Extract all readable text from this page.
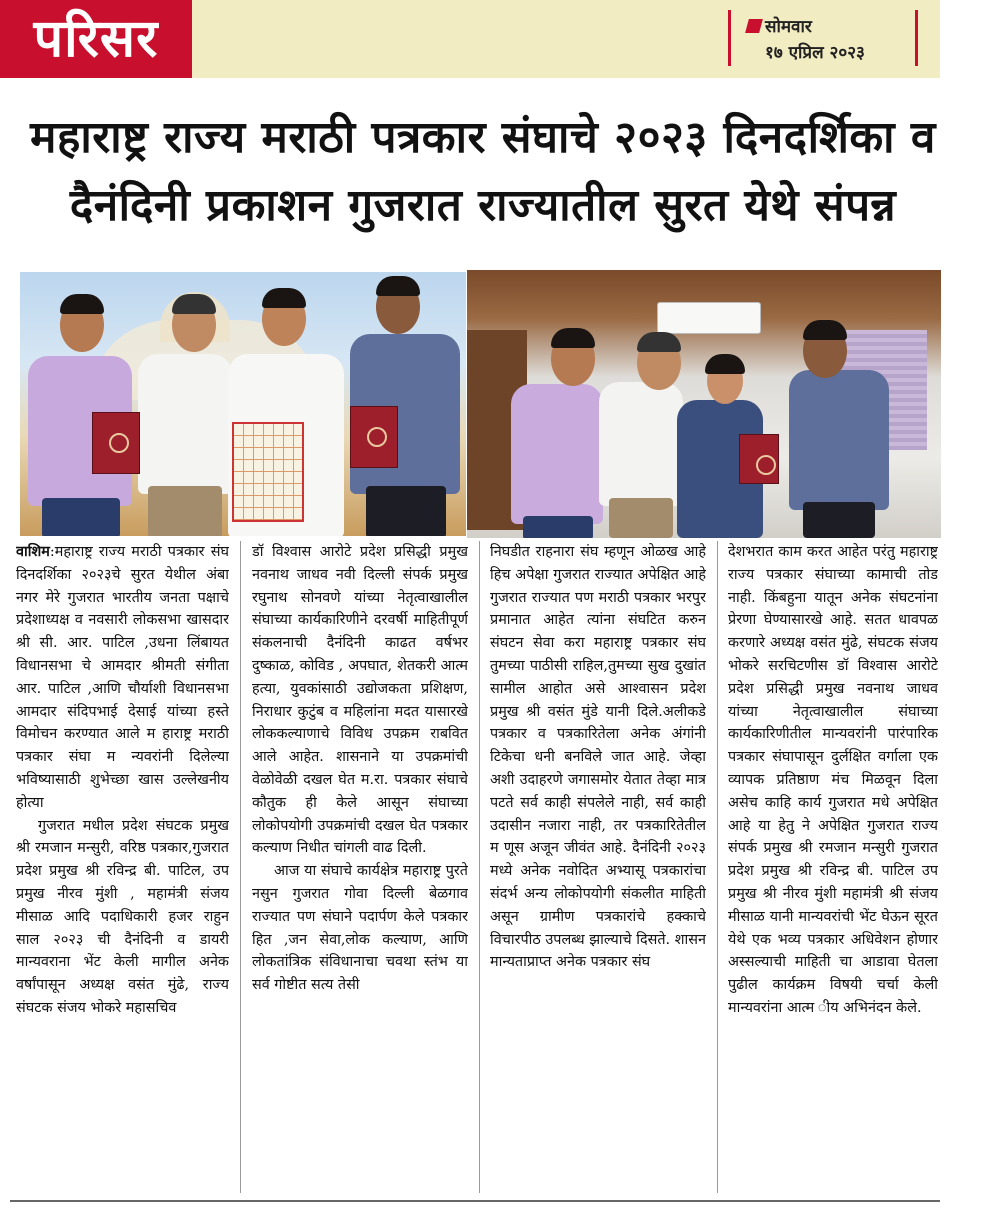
परिसर	सोमवार
१७ एप्रिल २०२३
महाराष्ट्र राज्य मराठी पत्रकार संघाचे २०२३ दिनदर्शिका व
दैनंदिनी प्रकाशन गुजरात राज्यातील सुरत येथे संपन्न

वाशिम:महाराष्ट्र राज्य मराठी पत्रकार संघ दिनदर्शिका २०२३चे सुरत येथील अंबा नगर मेरे गुजरात भारतीय जनता पक्षाचे प्रदेशाध्यक्ष व नवसारी लोकसभा खासदार श्री सी. आर. पाटिल ,उधना लिंबायत विधानसभा चे आमदार श्रीमती संगीता आर. पाटिल ,आणि चौर्याशी विधानसभा आमदार संदिपभाई देसाई यांच्या हस्ते विमोचन करण्यात आले म हाराष्ट्र मराठी पत्रकार संघा म न्यवरांनी दिलेल्या भविष्यासाठी शुभेच्छा खास उल्लेखनीय होत्या

गुजरात मधील प्रदेश संघटक प्रमुख श्री रमजान मन्सुरी, वरिष्ठ पत्रकार,गुजरात प्रदेश प्रमुख श्री रविन्द्र बी. पाटिल, उप प्रमुख नीरव मुंशी , महामंत्री संजय मीसाळ आदि पदाधिकारी हजर राहुन साल २०२३ ची दैनंदिनी व डायरी मान्यवराना भेंट केली मागील अनेक वर्षांपासून अध्यक्ष वसंत मुंढे, राज्य संघटक संजय भोकरे महासचिव

डॉ विश्वास आरोटे प्रदेश प्रसिद्धी प्रमुख नवनाथ जाधव नवी दिल्ली संपर्क प्रमुख रघुनाथ सोनवणे यांच्या नेतृत्वाखालील संघाच्या कार्यकारिणीने दरवर्षी माहितीपूर्ण संकलनाची दैनंदिनी काढत वर्षभर दुष्काळ, कोविड , अपघात, शेतकरी आत्म हत्या, युवकांसाठी उद्योजकता प्रशिक्षण, निराधार कुटुंब व महिलांना मदत यासारखे लोककल्याणाचे विविध उपक्रम राबवित आले आहेत. शासनाने या उपक्रमांची वेळोवेळी दखल घेत म.रा. पत्रकार संघाचे कौतुक ही केले आसून संघाच्या लोकोपयोगी उपक्रमांची दखल घेत पत्रकार कल्याण निधीत चांगली वाढ दिली.

आज या संघाचे कार्यक्षेत्र महाराष्ट्र पुरते नसुन गुजरात गोवा दिल्ली बेळगाव राज्यात पण संघाने पदार्पण केले पत्रकार हित ,जन सेवा,लोक कल्याण, आणि लोकतांत्रिक संविधानाचा चवथा स्तंभ या सर्व गोष्टीत सत्य तेसी

निघडीत राहनारा संघ म्हणून ओळख आहे हिच अपेक्षा गुजरात राज्यात अपेक्षित आहे गुजरात राज्यात पण मराठी पत्रकार भरपुर प्रमानात आहेत त्यांना संघटित करुन संघटन सेवा करा महाराष्ट्र पत्रकार संघ तुमच्या पाठीसी राहिल,तुमच्या सुख दुखांत सामील आहोत असे आश्वासन प्रदेश प्रमुख श्री वसंत मुंडे यानी दिले.अलीकडे पत्रकार व पत्रकारितेला अनेक अंगांनी टिकेचा धनी बनविले जात आहे. जेव्हा अशी उदाहरणे जगासमोर येतात तेव्हा मात्र पटते सर्व काही संपलेले नाही, सर्व काही उदासीन नजारा नाही, तर पत्रकारितेतील म णूस अजून जीवंत आहे. दैनंदिनी २०२३ मध्ये अनेक नवोदित अभ्यासू पत्रकारांचा संदर्भ अन्य लोकोपयोगी संकलीत माहिती असून ग्रामीण पत्रकारांचे हक्काचे विचारपीठ उपलब्ध झाल्याचे दिसते. शासन मान्यताप्राप्त अनेक पत्रकार संघ

देशभरात काम करत आहेत परंतु महाराष्ट्र राज्य पत्रकार संघाच्या कामाची तोड नाही. किंबहुना यातून अनेक संघटनांना प्रेरणा घेण्यासारखे आहे. सतत धावपळ करणारे अध्यक्ष वसंत मुंढे, संघटक संजय भोकरे सरचिटणीस डॉ विश्वास आरोटे प्रदेश प्रसिद्धी प्रमुख नवनाथ जाधव यांच्या नेतृत्वाखालील संघाच्या कार्यकारिणीतील मान्यवरांनी पारंपारिक पत्रकार संघापासून दुर्लक्षित वर्गाला एक व्यापक प्रतिष्ठाण मंच मिळवून दिला असेच काहि कार्य गुजरात मधे अपेक्षित आहे या हेतु ने अपेक्षित गुजरात राज्य संपर्क प्रमुख श्री रमजान मन्सुरी गुजरात प्रदेश प्रमुख श्री रविन्द्र बी. पाटिल उप प्रमुख श्री नीरव मुंशी महामंत्री श्री संजय मीसाळ यानी मान्यवरांची भेंट घेऊन सूरत येथे एक भव्य पत्रकार अधिवेशन होणार अस्सल्याची माहिती चा आडावा घेतला पुढील कार्यक्रम विषयी चर्चा केली मान्यवरांना आत्म ीय अभिनंदन केले.
